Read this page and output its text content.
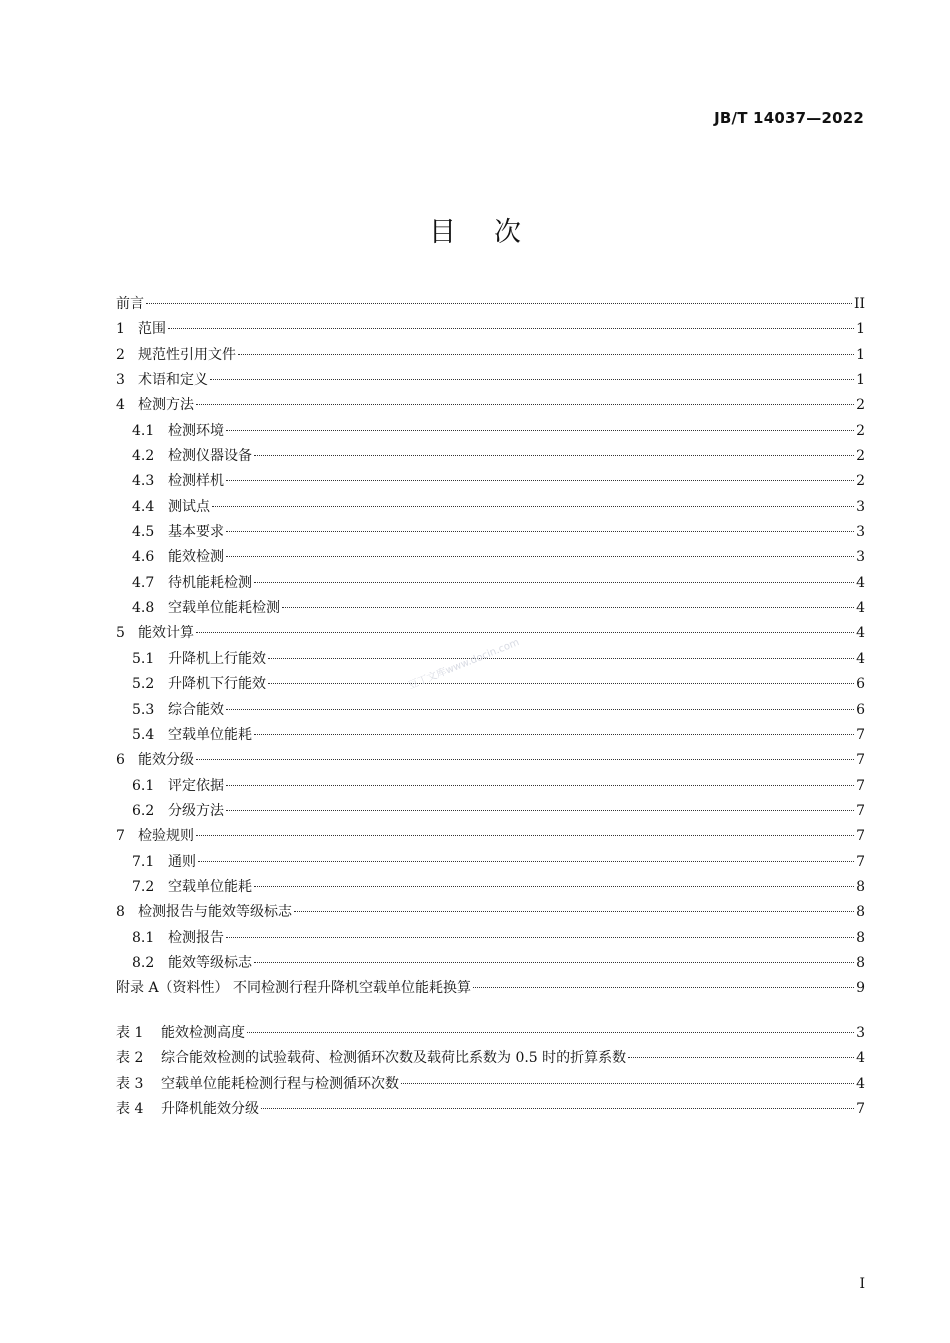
JB/T 14037—2022
目次
前言	II
1 范围	1
2 规范性引用文件	1
3 术语和定义	1
4 检测方法	2
4.1 检测环境	2
4.2 检测仪器设备	2
4.3 检测样机	2
4.4 测试点	3
4.5 基本要求	3
4.6 能效检测	3
4.7 待机能耗检测	4
4.8 空载单位能耗检测	4
5 能效计算	4
5.1 升降机上行能效	4
5.2 升降机下行能效	6
5.3 综合能效	6
5.4 空载单位能耗	7
6 能效分级	7
6.1 评定依据	7
6.2 分级方法	7
7 检验规则	7
7.1 通则	7
7.2 空载单位能耗	8
8 检测报告与能效等级标志	8
8.1 检测报告	8
8.2 能效等级标志	8
附录 A（资料性） 不同检测行程升降机空载单位能耗换算	9
表 1	能效检测高度	3
表 2	综合能效检测的试验载荷、检测循环次数及载荷比系数为 0.5 时的折算系数	4
表 3	空载单位能耗检测行程与检测循环次数	4
表 4	升降机能效分级	7
豆丁文库www.docin.com
I
